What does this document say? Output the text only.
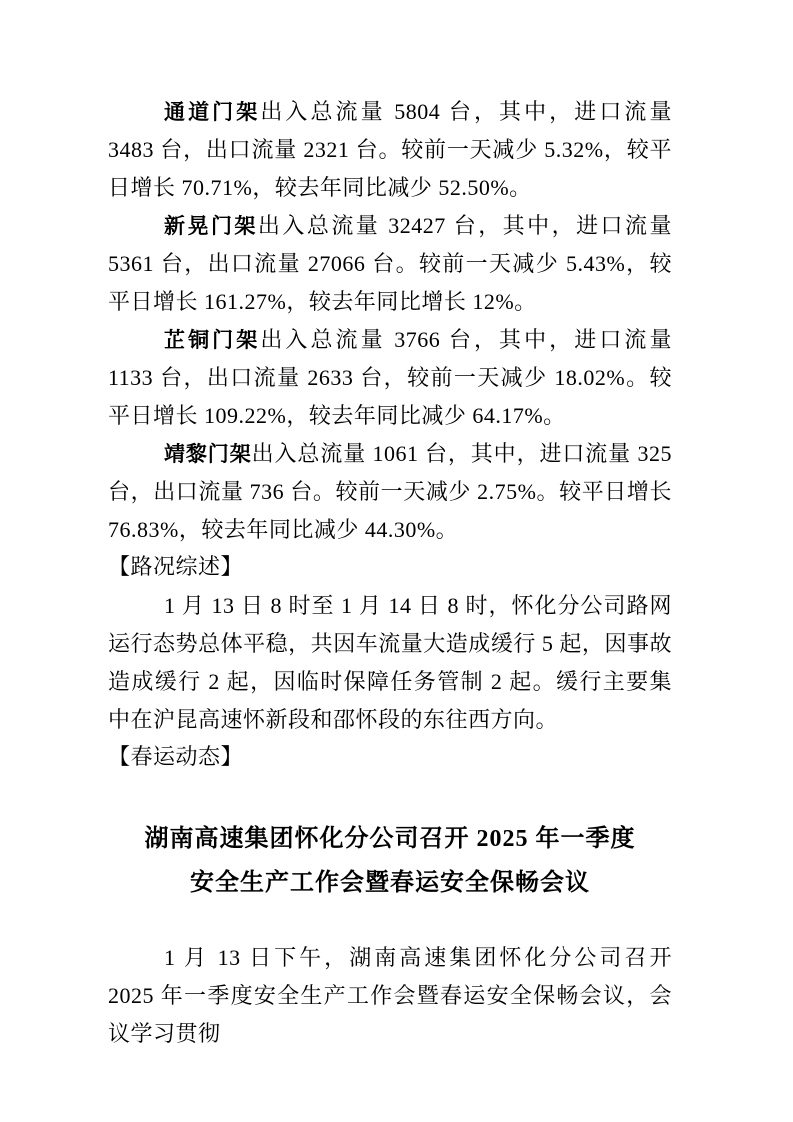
通道门架出入总流量 5804 台，其中，进口流量 3483 台，出口流量 2321 台。较前一天减少 5.32%，较平日增长 70.71%，较去年同比减少 52.50%。

新晃门架出入总流量 32427 台，其中，进口流量 5361 台，出口流量 27066 台。较前一天减少 5.43%，较平日增长 161.27%，较去年同比增长 12%。

芷铜门架出入总流量 3766 台，其中，进口流量 1133 台，出口流量 2633 台，较前一天减少 18.02%。较平日增长 109.22%，较去年同比减少 64.17%。

靖黎门架出入总流量 1061 台，其中，进口流量 325 台，出口流量 736 台。较前一天减少 2.75%。较平日增长 76.83%，较去年同比减少 44.30%。

【路况综述】

1 月 13 日 8 时至 1 月 14 日 8 时，怀化分公司路网运行态势总体平稳，共因车流量大造成缓行 5 起，因事故造成缓行 2 起，因临时保障任务管制 2 起。缓行主要集中在沪昆高速怀新段和邵怀段的东往西方向。

【春运动态】
湖南高速集团怀化分公司召开 2025 年一季度
安全生产工作会暨春运安全保畅会议

1 月 13 日下午，湖南高速集团怀化分公司召开 2025 年一季度安全生产工作会暨春运安全保畅会议，会议学习贯彻
